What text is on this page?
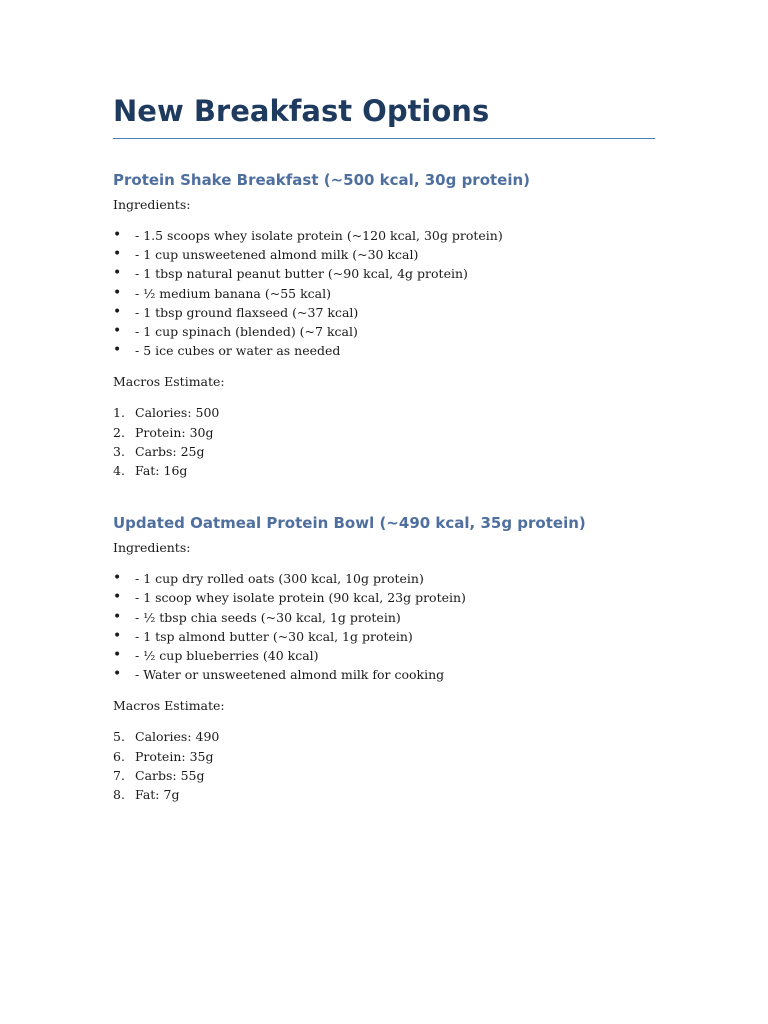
New Breakfast Options
Protein Shake Breakfast (~500 kcal, 30g protein)

Ingredients:

•	- 1.5 scoops whey isolate protein (~120 kcal, 30g protein)
•	- 1 cup unsweetened almond milk (~30 kcal)
•	- 1 tbsp natural peanut butter (~90 kcal, 4g protein)
•	- ½ medium banana (~55 kcal)
•	- 1 tbsp ground flaxseed (~37 kcal)
•	- 1 cup spinach (blended) (~7 kcal)
•	- 5 ice cubes or water as needed

Macros Estimate:

1. Calories: 500
2. Protein: 30g
3. Carbs: 25g
4. Fat: 16g
Updated Oatmeal Protein Bowl (~490 kcal, 35g protein)

Ingredients:

•	- 1 cup dry rolled oats (300 kcal, 10g protein)
•	- 1 scoop whey isolate protein (90 kcal, 23g protein)
•	- ½ tbsp chia seeds (~30 kcal, 1g protein)
•	- 1 tsp almond butter (~30 kcal, 1g protein)
•	- ½ cup blueberries (40 kcal)
•	- Water or unsweetened almond milk for cooking

Macros Estimate:

5. Calories: 490
6. Protein: 35g
7. Carbs: 55g
8. Fat: 7g
